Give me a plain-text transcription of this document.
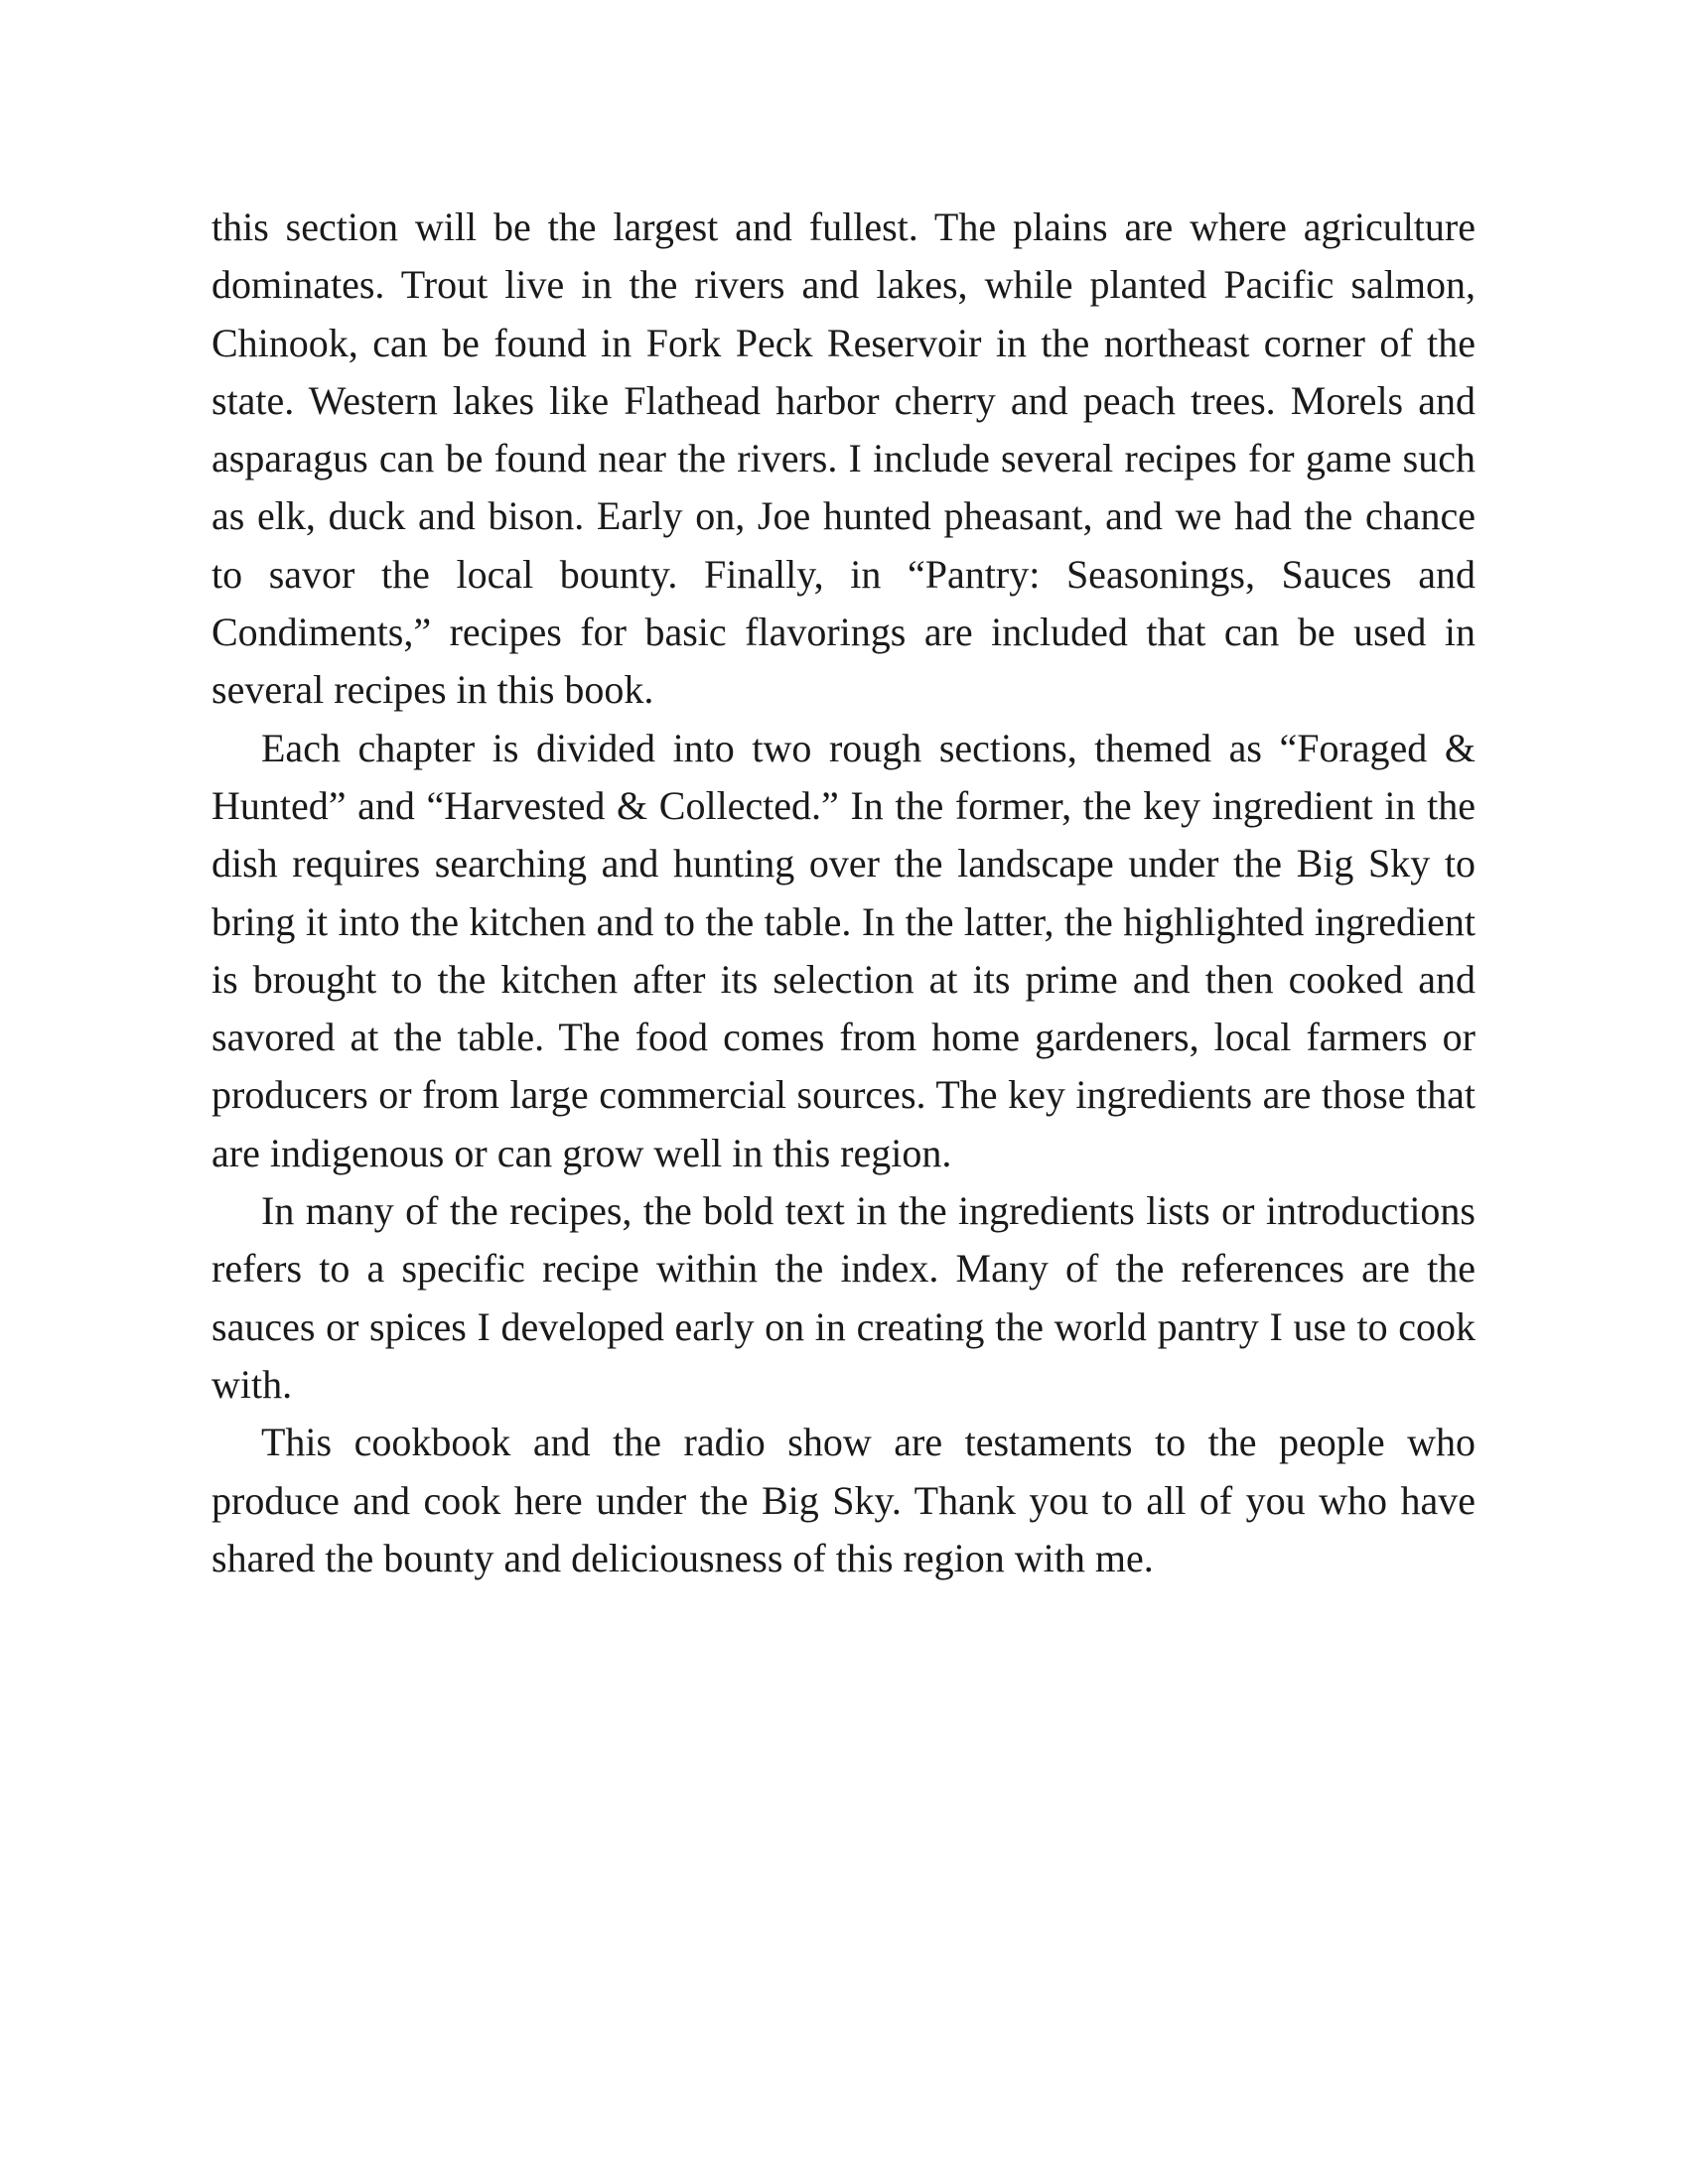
this section will be the largest and fullest. The plains are where agriculture dominates. Trout live in the rivers and lakes, while planted Pacific salmon, Chinook, can be found in Fork Peck Reservoir in the northeast corner of the state. Western lakes like Flathead harbor cherry and peach trees. Morels and asparagus can be found near the rivers. I include several recipes for game such as elk, duck and bison. Early on, Joe hunted pheasant, and we had the chance to savor the local bounty. Finally, in “Pantry: Seasonings, Sauces and Condiments,” recipes for basic flavorings are included that can be used in several recipes in this book.

Each chapter is divided into two rough sections, themed as “Foraged & Hunted” and “Harvested & Collected.” In the former, the key ingredient in the dish requires searching and hunting over the landscape under the Big Sky to bring it into the kitchen and to the table. In the latter, the highlighted ingredient is brought to the kitchen after its selection at its prime and then cooked and savored at the table. The food comes from home gardeners, local farmers or producers or from large commercial sources. The key ingredients are those that are indigenous or can grow well in this region.

In many of the recipes, the bold text in the ingredients lists or introductions refers to a specific recipe within the index. Many of the references are the sauces or spices I developed early on in creating the world pantry I use to cook with.

This cookbook and the radio show are testaments to the people who produce and cook here under the Big Sky. Thank you to all of you who have shared the bounty and deliciousness of this region with me.
